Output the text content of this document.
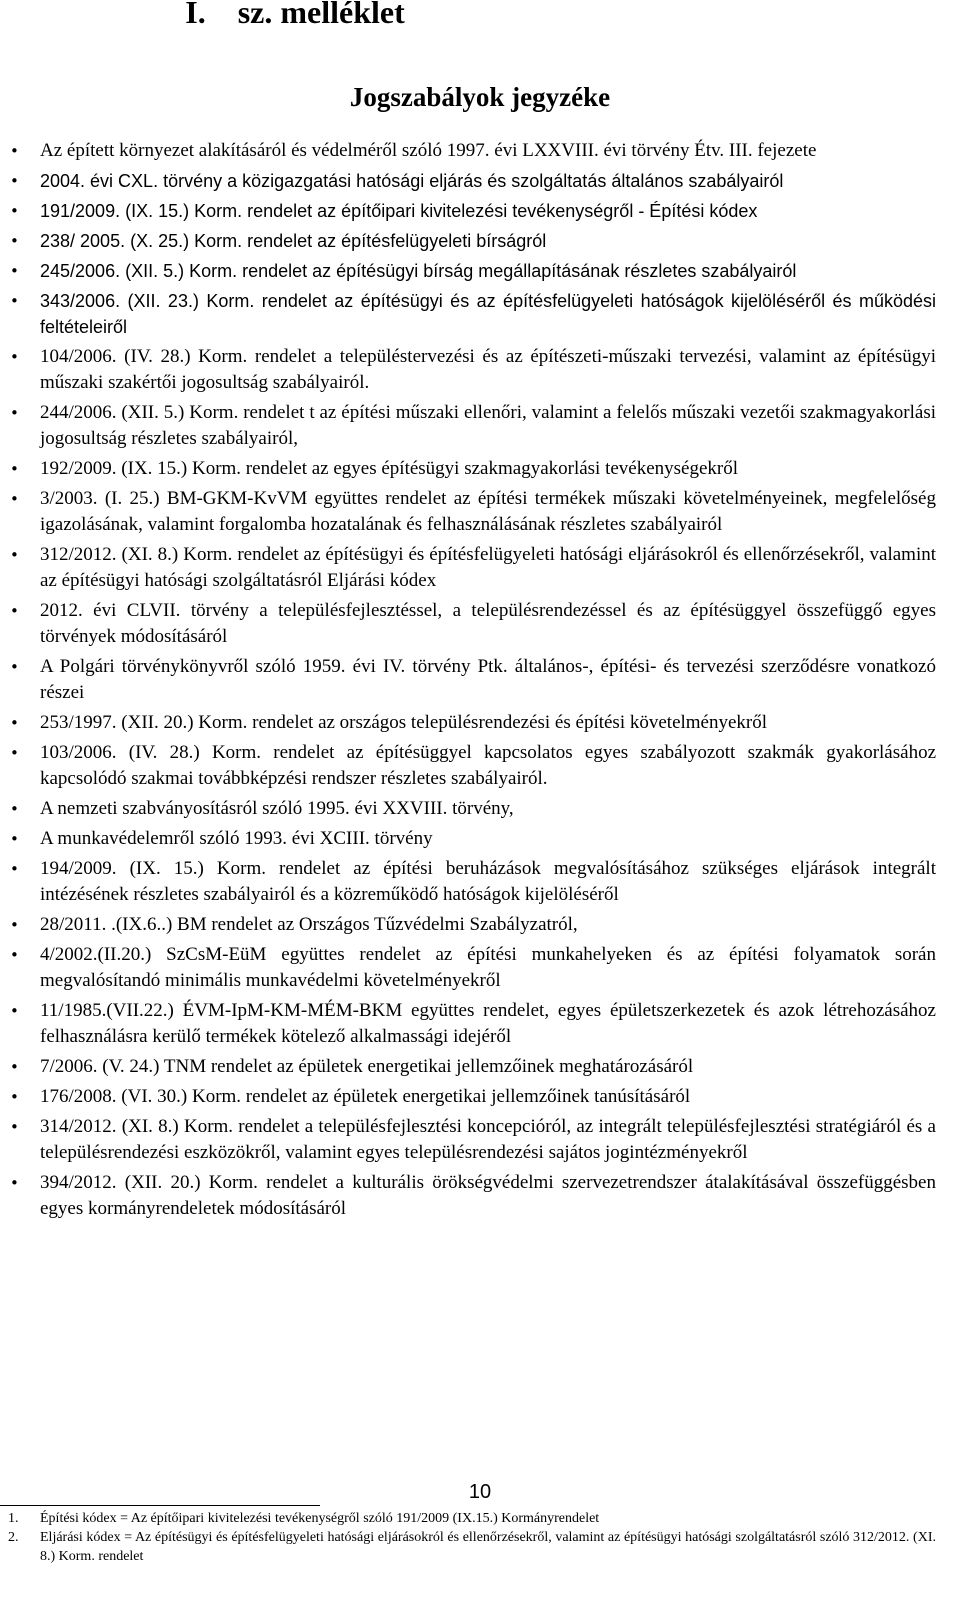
I.    sz. melléklet
Jogszabályok jegyzéke
• Az épített környezet alakításáról és védelméről szóló 1997. évi LXXVIII. évi törvény Étv. III. fejezete
• 2004. évi CXL. törvény a közigazgatási hatósági eljárás és szolgáltatás általános szabályairól
• 191/2009. (IX. 15.) Korm. rendelet az építőipari kivitelezési tevékenységről - Építési kódex
• 238/ 2005. (X. 25.) Korm. rendelet az építésfelügyeleti bírságról
• 245/2006. (XII. 5.) Korm. rendelet az építésügyi bírság megállapításának részletes szabályairól
• 343/2006. (XII. 23.) Korm. rendelet az építésügyi és az építésfelügyeleti hatóságok kijelöléséről és működési feltételeiről
• 104/2006. (IV. 28.) Korm. rendelet a településtervezési és az építészeti-műszaki tervezési, valamint az építésügyi műszaki szakértői jogosultság szabályairól.
• 244/2006. (XII. 5.) Korm. rendelet t az építési műszaki ellenőri, valamint a felelős műszaki vezetői szakmagyakorlási jogosultság részletes szabályairól,
• 192/2009. (IX. 15.) Korm. rendelet az egyes építésügyi szakmagyakorlási tevékenységekről
• 3/2003. (I. 25.) BM-GKM-KvVM együttes rendelet az építési termékek műszaki követelményeinek, megfelelőség igazolásának, valamint forgalomba hozatalának és felhasználásának részletes szabályairól
• 312/2012. (XI. 8.) Korm. rendelet az építésügyi és építésfelügyeleti hatósági eljárásokról és ellenőrzésekről, valamint az építésügyi hatósági szolgáltatásról Eljárási kódex
• 2012. évi CLVII. törvény a településfejlesztéssel, a településrendezéssel és az építésüggyel összefüggő egyes törvények módosításáról
• A Polgári törvénykönyvről szóló 1959. évi IV. törvény Ptk. általános-, építési- és tervezési szerződésre vonatkozó részei
• 253/1997. (XII. 20.) Korm. rendelet az országos településrendezési és építési követelményekről
• 103/2006. (IV. 28.) Korm. rendelet az építésüggyel kapcsolatos egyes szabályozott szakmák gyakorlásához kapcsolódó szakmai továbbképzési rendszer részletes szabályairól.
• A nemzeti szabványosításról szóló 1995. évi XXVIII. törvény,
• A munkavédelemről szóló 1993. évi XCIII. törvény
• 194/2009. (IX. 15.) Korm. rendelet az építési beruházások megvalósításához szükséges eljárások integrált intézésének részletes szabályairól és a közreműködő hatóságok kijelöléséről
• 28/2011. .(IX.6..) BM rendelet az Országos Tűzvédelmi Szabályzatról,
• 4/2002.(II.20.) SzCsM-EüM együttes rendelet az építési munkahelyeken és az építési folyamatok során megvalósítandó minimális munkavédelmi követelményekről
• 11/1985.(VII.22.) ÉVM-IpM-KM-MÉM-BKM együttes rendelet, egyes épületszerkezetek és azok létrehozásához felhasználásra kerülő termékek kötelező alkalmassági idejéről
• 7/2006. (V. 24.) TNM rendelet az épületek energetikai jellemzőinek meghatározásáról
• 176/2008. (VI. 30.) Korm. rendelet az épületek energetikai jellemzőinek tanúsításáról
• 314/2012. (XI. 8.) Korm. rendelet a településfejlesztési koncepcióról, az integrált településfejlesztési stratégiáról és a településrendezési eszközökről, valamint egyes településrendezési sajátos jogintézményekről
• 394/2012. (XII. 20.) Korm. rendelet a kulturális örökségvédelmi szervezetrendszer átalakításával összefüggésben egyes kormányrendeletek módosításáról
10
1. Építési kódex = Az építőipari kivitelezési tevékenységről szóló 191/2009 (IX.15.) Kormányrendelet
2. Eljárási kódex = Az építésügyi és építésfelügyeleti hatósági eljárásokról és ellenőrzésekről, valamint az építésügyi hatósági szolgáltatásról szóló 312/2012. (XI. 8.) Korm. rendelet
